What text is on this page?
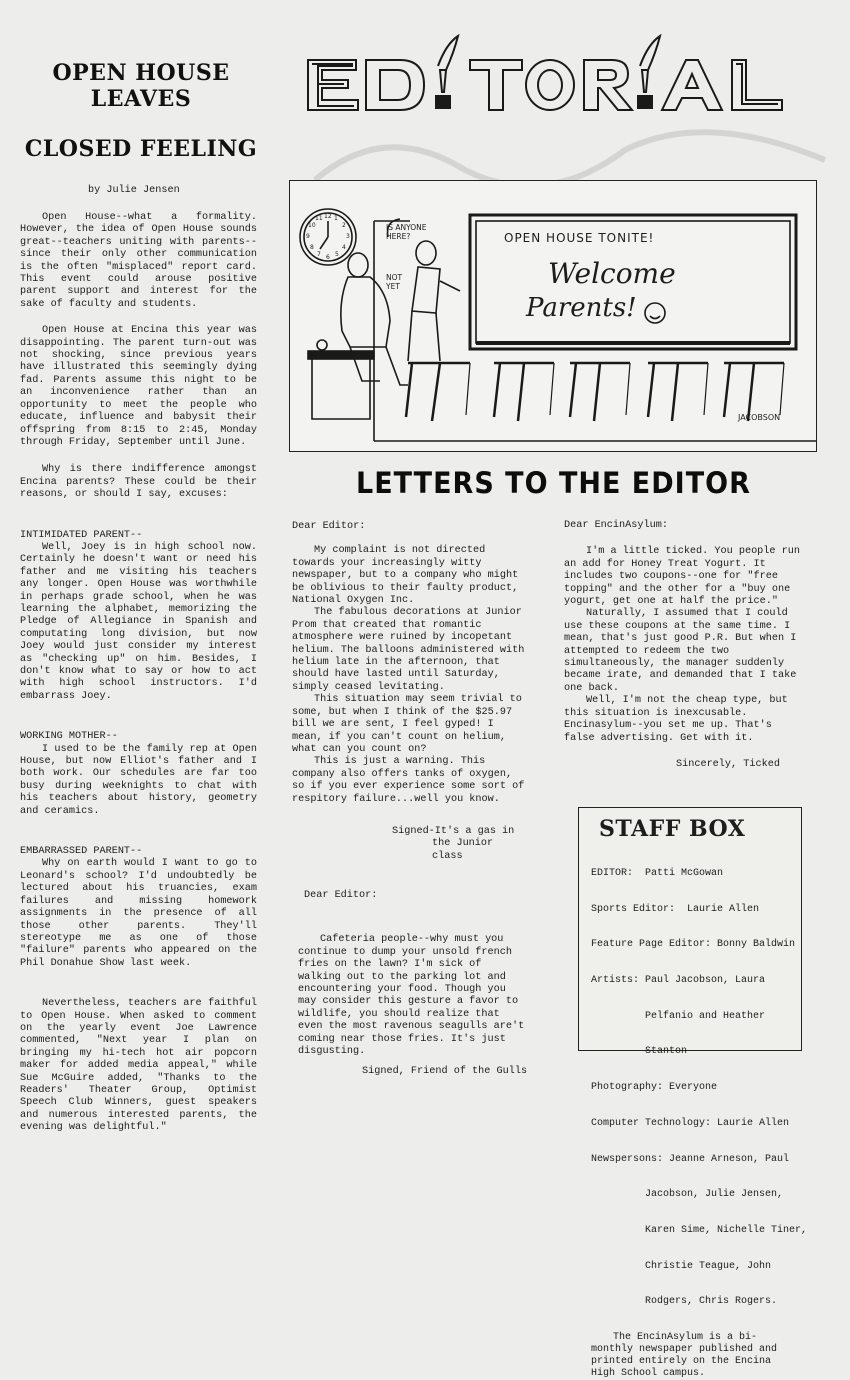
OPEN HOUSE LEAVES
CLOSED FEELING
by Julie Jensen

Open House--what a formality. However, the idea of Open House sounds great--teachers uniting with parents--since their only other communication is the often "misplaced" report card. This event could arouse positive parent support and interest for the sake of faculty and students.

Open House at Encina this year was disappointing. The parent turn-out was not shocking, since previous years have illustrated this seemingly dying fad. Parents assume this night to be an inconvenience rather than an opportunity to meet the people who educate, influence and babysit their offspring from 8:15 to 2:45, Monday through Friday, September until June.

Why is there indifference amongst Encina parents? These could be their reasons, or should I say, excuses:

INTIMIDATED PARENT--

Well, Joey is in high school now. Certainly he doesn't want or need his father and me visiting his teachers any longer. Open House was worthwhile in perhaps grade school, when he was learning the alphabet, memorizing the Pledge of Allegiance in Spanish and computating long division, but now Joey would just consider my interest as "checking up" on him. Besides, I don't know what to say or how to act with high school instructors. I'd embarrass Joey.

WORKING MOTHER--

I used to be the family rep at Open House, but now Elliot's father and I both work. Our schedules are far too busy during weeknights to chat with his teachers about history, geometry and ceramics.

EMBARRASSED PARENT--

Why on earth would I want to go to Leonard's school? I'd undoubtedly be lectured about his truancies, exam failures and missing homework assignments in the presence of all those other parents. They'll stereotype me as one of those "failure" parents who appeared on the Phil Donahue Show last week.

Nevertheless, teachers are faithful to Open House. When asked to comment on the yearly event Joe Lawrence commented, "Next year I plan on bringing my hi-tech hot air popcorn maker for added media appeal," while Sue McGuire added, "Thanks to the Readers' Theater Group, Optimist Speech Club Winners, guest speakers and numerous interested parents, the evening was delightful."

12 1
2
3
4
5
6
7
8
9
10
11
IS ANYONE HERE?
NOT YET
OPEN HOUSE TONITE!
Welcome
Parents!
JACOBSON
LETTERS TO THE EDITOR
Dear Editor:

My complaint is not directed towards your increasingly witty newspaper, but to a company who might be oblivious to their faulty product, National Oxygen Inc.

The fabulous decorations at Junior Prom that created that romantic atmosphere were ruined by incopetant helium. The balloons administered with helium late in the afternoon, that should have lasted until Saturday, simply ceased levitating.

This situation may seem trivial to some, but when I think of the $25.97 bill we are sent, I feel gyped! I mean, if you can't count on helium, what can you count on?

This is just a warning. This company also offers tanks of oxygen, so if you ever experience some sort of respitory failure...well you know.

Signed-It's a gas in
the Junior class
Dear Editor:

Cafeteria people--why must you continue to dump your unsold french fries on the lawn? I'm sick of walking out to the parking lot and encountering your food. Though you may consider this gesture a favor to wildlife, you should realize that even the most ravenous seagulls are't coming near those fries. It's just disgusting.

Signed, Friend of the Gulls
Dear EncinAsylum:

I'm a little ticked. You people run an add for Honey Treat Yogurt. It includes two coupons--one for "free topping" and the other for a "buy one yogurt, get one at half the price."

Naturally, I assumed that I could use these coupons at the same time. I mean, that's just good P.R. But when I attempted to redeem the two simultaneously, the manager suddenly became irate, and demanded that I take one back.

Well, I'm not the cheap type, but this situation is inexcusable. Encinasylum--you set me up. That's false advertising. Get with it.

Sincerely, Ticked
STAFF BOX

EDITOR:  Patti McGowan

Sports Editor:  Laurie Allen

Feature Page Editor: Bonny Baldwin

Artists: Paul Jacobson, Laura

Pelfanio and Heather

Stanton

Photography: Everyone

Computer Technology: Laurie Allen

Newspersons: Jeanne Arneson, Paul

Jacobson, Julie Jensen,

Karen Sime, Nichelle Tiner,

Christie Teague, John

Rodgers, Chris Rogers.

The EncinAsylum is a bi-monthly newspaper published and printed entirely on the Encina High School campus.
